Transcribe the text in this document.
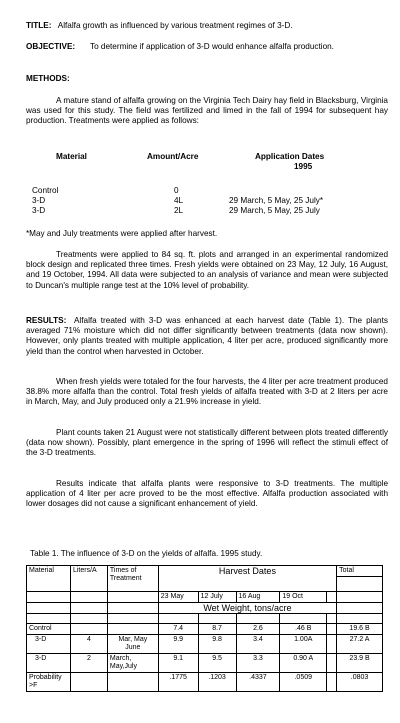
TITLE: Alfalfa growth as influenced by various treatment regimes of 3-D.
OBJECTIVE: To determine if application of 3-D would enhance alfalfa production.

METHODS:

A mature stand of alfalfa growing on the Virginia Tech Dairy hay field in Blacksburg, Virginia was used for this study. The field was fertilized and limed in the fall of 1994 for subsequent hay production. Treatments were applied as follows:

Material	Amount/Acre	Application Dates
1995
Control	0
3-D	4L	29 March, 5 May, 25 July*
3-D	2L	29 March, 5 May, 25 July
*May and July treatments were applied after harvest.

Treatments were applied to 84 sq. ft. plots and arranged in an experimental randomized block design and replicated three times. Fresh yields were obtained on 23 May, 12 July, 16 August, and 19 October, 1994. All data were subjected to an analysis of variance and mean were subjected to Duncan's multiple range test at the 10% level of probability.

RESULTS: Alfalfa treated with 3-D was enhanced at each harvest date (Table 1). The plants averaged 71% moisture which did not differ significantly between treatments (data now shown). However, only plants treated with multiple application, 4 liter per acre, produced significantly more yield than the control when harvested in October.

When fresh yields were totaled for the four harvests, the 4 liter per acre treatment produced 38.8% more alfalfa than the control. Total fresh yields of alfalfa treated with 3-D at 2 liters per acre in March, May, and July produced only a 21.9% increase in yield.

Plant counts taken 21 August were not statistically different between plots treated differently (data now shown). Possibly, plant emergence in the spring of 1996 will reflect the stimuli effect of the 3-D treatments.

Results indicate that alfalfa plants were responsive to 3-D treatments. The multiple application of 4 liter per acre proved to be the most effective. Alfalfa production associated with lower dosages did not cause a significant enhancement of yield.

Table 1. The influence of 3-D on the yields of alfalfa. 1995 study.
Material	Liters/A	Times of Treatment	Harvest Dates					Total

			23 May	12 July	16 Aug	19 Oct		
			Wet Weight, tons/acre					

Control			7.4	8.7	2.6	.46 B		19.6 B
3-D	4	Mar, May June	9.9	9.8	3.4	1.00A		27.2 A
3-D	2	March, May,July	9.1	9.5	3.3	0.90 A		23.9 B
Probability >F			.1775	.1203	.4337	.0509		.0803
